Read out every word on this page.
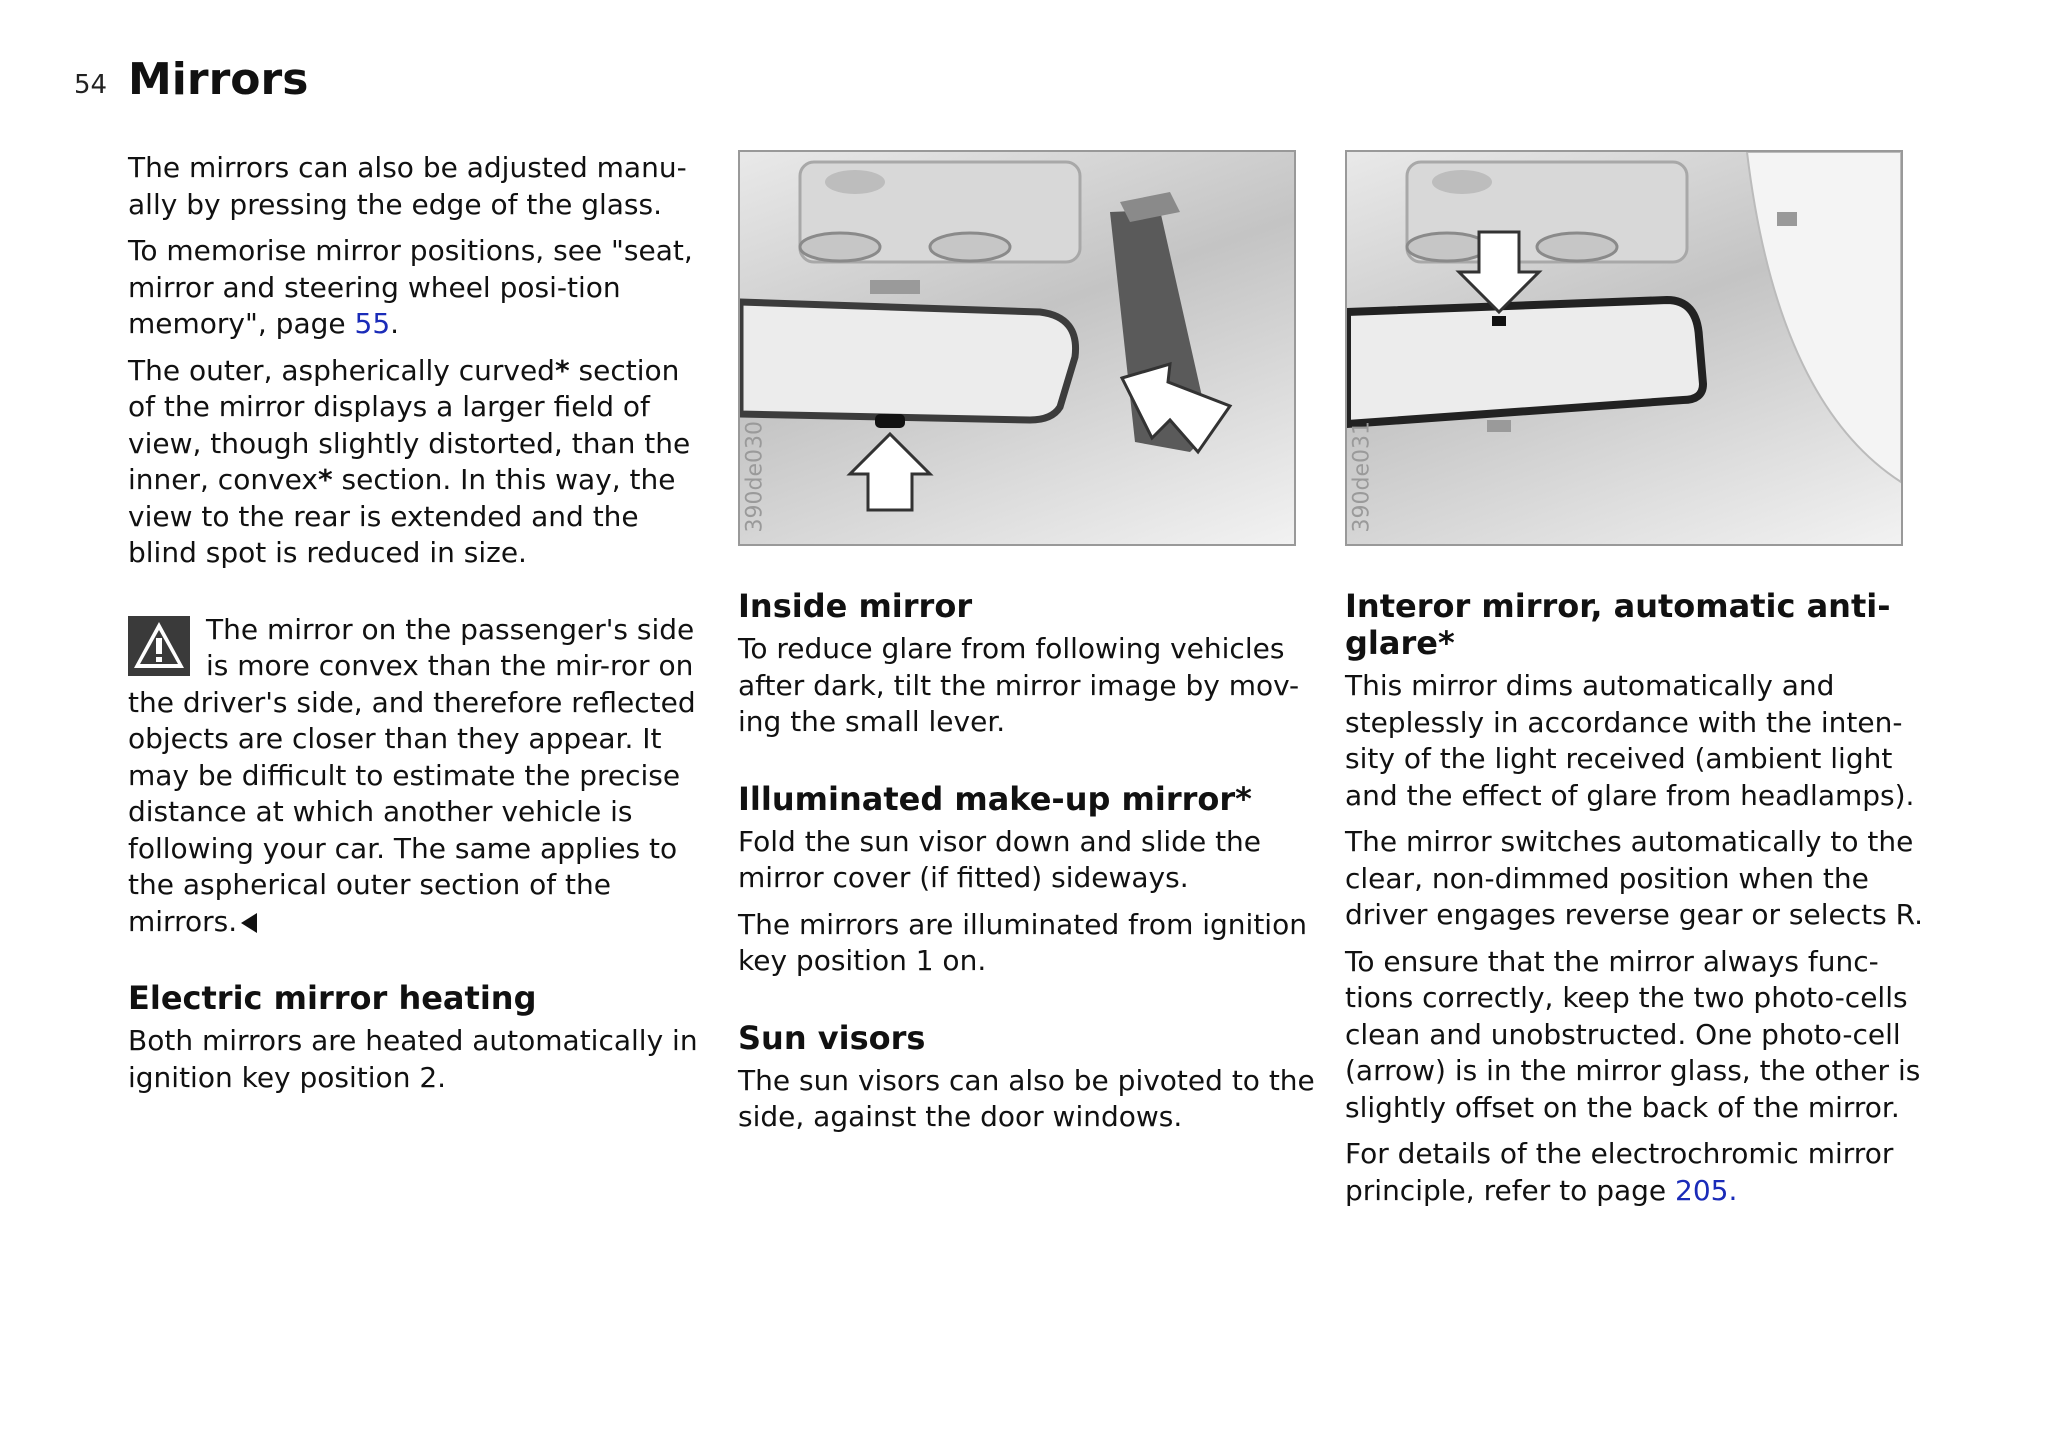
54 Mirrors

The mirrors can also be adjusted manu-ally by pressing the edge of the glass.

To memorise mirror positions, see "seat, mirror and steering wheel posi-tion memory", page 55.

The outer, aspherically curved* section of the mirror displays a larger field of view, though slightly distorted, than the inner, convex* section. In this way, the view to the rear is extended and the blind spot is reduced in size.

The mirror on the passenger's side is more convex than the mir-ror on the driver's side, and therefore reflected objects are closer than they appear. It may be difficult to estimate the precise distance at which another vehicle is following your car. The same applies to the aspherical outer section of the mirrors.

Electric mirror heating

Both mirrors are heated automatically in ignition key position 2.

390de030
Inside mirror

To reduce glare from following vehicles after dark, tilt the mirror image by mov-ing the small lever.

Illuminated make-up mirror*

Fold the sun visor down and slide the mirror cover (if fitted) sideways.

The mirrors are illuminated from ignition key position 1 on.

Sun visors

The sun visors can also be pivoted to the side, against the door windows.

390de031
Interor mirror, automatic anti-glare*

This mirror dims automatically and steplessly in accordance with the inten-sity of the light received (ambient light and the effect of glare from headlamps).

The mirror switches automatically to the clear, non-dimmed position when the driver engages reverse gear or selects R.

To ensure that the mirror always func-tions correctly, keep the two photo-cells clean and unobstructed. One photo-cell (arrow) is in the mirror glass, the other is slightly offset on the back of the mirror.

For details of the electrochromic mirror principle, refer to page 205.
